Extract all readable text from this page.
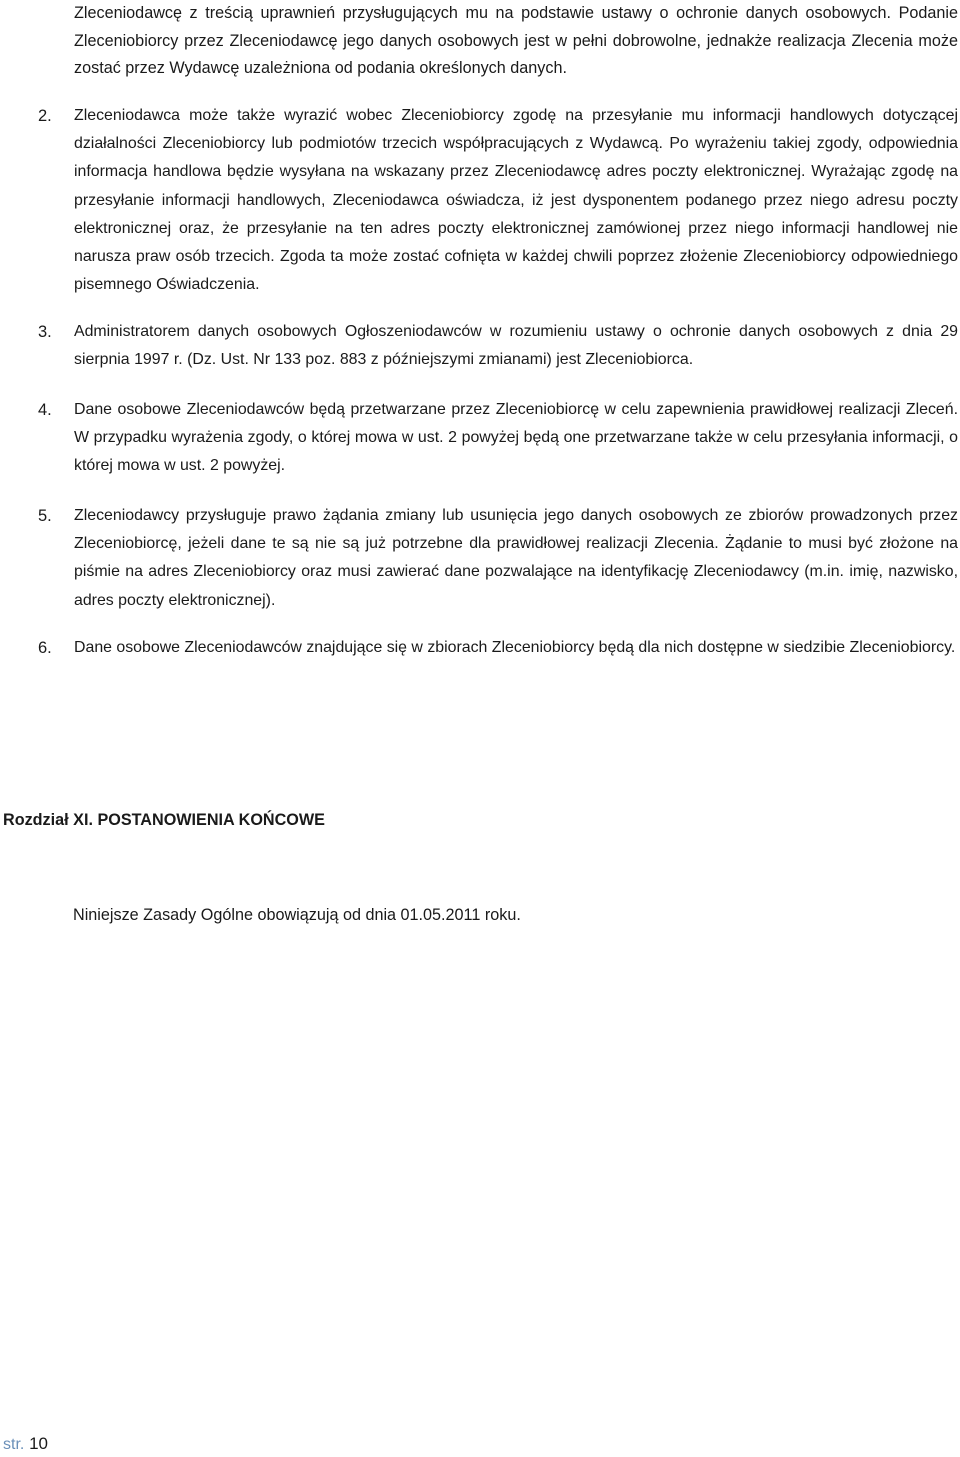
Zleceniodawcę z treścią uprawnień przysługujących mu na podstawie ustawy o ochronie danych osobowych. Podanie Zleceniobiorcy przez Zleceniodawcę jego danych osobowych jest w pełni dobrowolne, jednakże realizacja Zlecenia może zostać przez Wydawcę uzależniona od podania określonych danych.

2.	Zleceniodawca może także wyrazić wobec Zleceniobiorcy zgodę na przesyłanie mu informacji handlowych dotyczącej działalności Zleceniobiorcy lub podmiotów trzecich współpracujących z Wydawcą. Po wyrażeniu takiej zgody, odpowiednia informacja handlowa będzie wysyłana na wskazany przez Zleceniodawcę adres poczty elektronicznej. Wyrażając zgodę na przesyłanie informacji handlowych, Zleceniodawca oświadcza, iż jest dysponentem podanego przez niego adresu poczty elektronicznej oraz, że przesyłanie na ten adres poczty elektronicznej zamówionej przez niego informacji handlowej nie narusza praw osób trzecich. Zgoda ta może zostać cofnięta w każdej chwili poprzez złożenie Zleceniobiorcy odpowiedniego pisemnego Oświadczenia.

3.	Administratorem danych osobowych Ogłoszeniodawców w rozumieniu ustawy o ochronie danych osobowych z dnia 29 sierpnia 1997 r. (Dz. Ust. Nr 133 poz. 883 z późniejszymi zmianami) jest Zleceniobiorca.

4.	Dane osobowe Zleceniodawców będą przetwarzane przez Zleceniobiorcę w celu zapewnienia prawidłowej realizacji Zleceń. W przypadku wyrażenia zgody, o której mowa w ust. 2 powyżej będą one przetwarzane także w celu przesyłania informacji, o której mowa w ust. 2 powyżej.

5.	Zleceniodawcy przysługuje prawo żądania zmiany lub usunięcia jego danych osobowych ze zbiorów prowadzonych przez Zleceniobiorcę, jeżeli dane te są nie są już potrzebne dla prawidłowej realizacji Zlecenia. Żądanie to musi być złożone na piśmie na adres Zleceniobiorcy oraz musi zawierać dane pozwalające na identyfikację Zleceniodawcy (m.in. imię, nazwisko, adres poczty elektronicznej).

6.	Dane osobowe Zleceniodawców znajdujące się w zbiorach Zleceniobiorcy będą dla nich dostępne w siedzibie Zleceniobiorcy.

Rozdział XI. POSTANOWIENIA KOŃCOWE

Niniejsze Zasady Ogólne obowiązują od dnia 01.05.2011 roku.

str. 10
